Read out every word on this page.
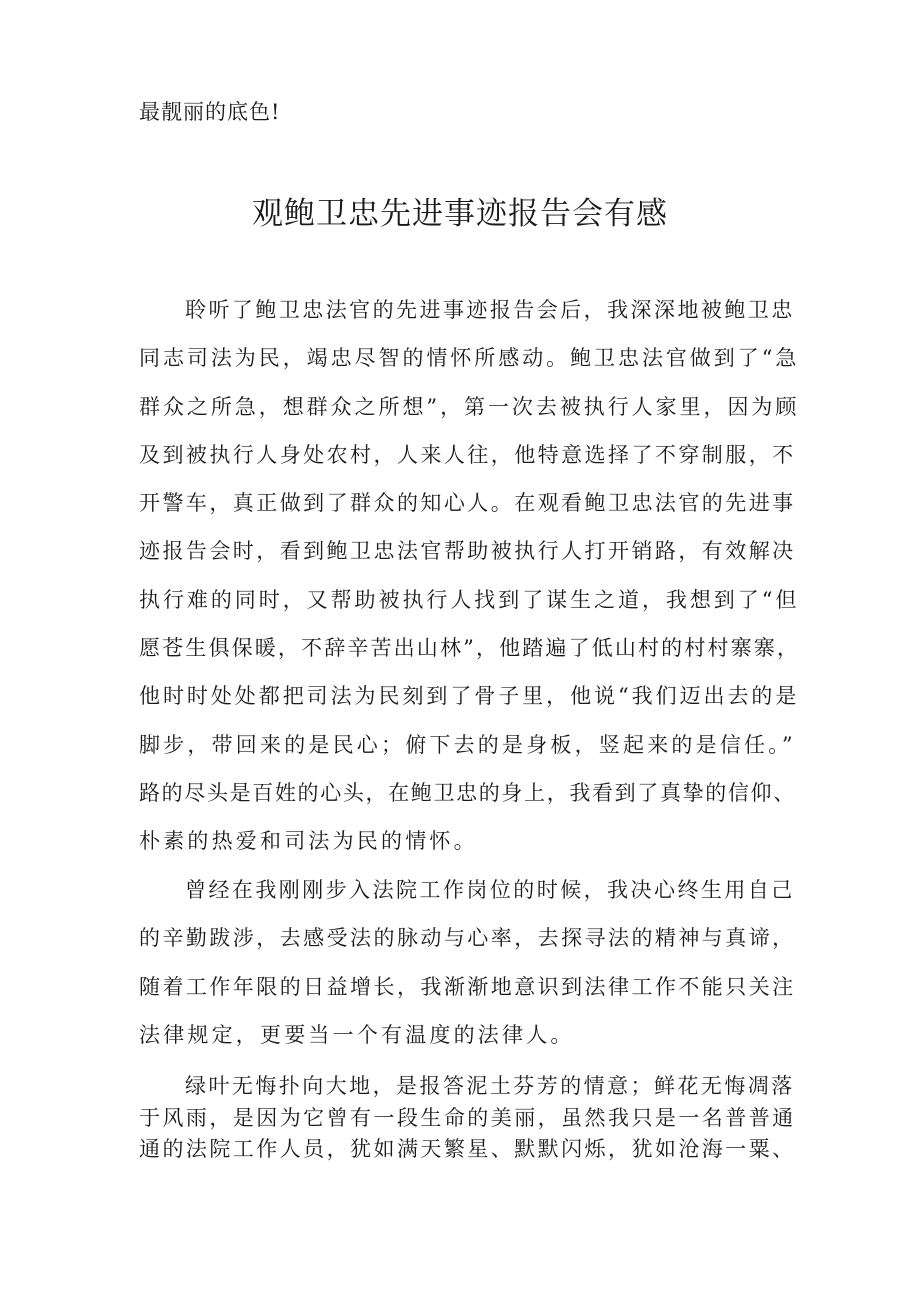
最靓丽的底色!
观鲍卫忠先进事迹报告会有感
聆听了鲍卫忠法官的先进事迹报告会后，我深深地被鲍卫忠
同志司法为民，竭忠尽智的情怀所感动。鲍卫忠法官做到了“急
群众之所急，想群众之所想”，第一次去被执行人家里，因为顾
及到被执行人身处农村，人来人往，他特意选择了不穿制服，不
开警车，真正做到了群众的知心人。在观看鲍卫忠法官的先进事
迹报告会时，看到鲍卫忠法官帮助被执行人打开销路，有效解决
执行难的同时，又帮助被执行人找到了谋生之道，我想到了“但
愿苍生俱保暖，不辞辛苦出山林”，他踏遍了低山村的村村寨寨，
他时时处处都把司法为民刻到了骨子里，他说“我们迈出去的是
脚步，带回来的是民心；俯下去的是身板，竖起来的是信任。”
路的尽头是百姓的心头，在鲍卫忠的身上，我看到了真挚的信仰、
朴素的热爱和司法为民的情怀。
曾经在我刚刚步入法院工作岗位的时候，我决心终生用自己
的辛勤跋涉，去感受法的脉动与心率，去探寻法的精神与真谛，
随着工作年限的日益增长，我渐渐地意识到法律工作不能只关注
法律规定，更要当一个有温度的法律人。
绿叶无悔扑向大地，是报答泥土芬芳的情意；鲜花无悔凋落
于风雨，是因为它曾有一段生命的美丽，虽然我只是一名普普通
通的法院工作人员，犹如满天繁星、默默闪烁，犹如沧海一粟、
